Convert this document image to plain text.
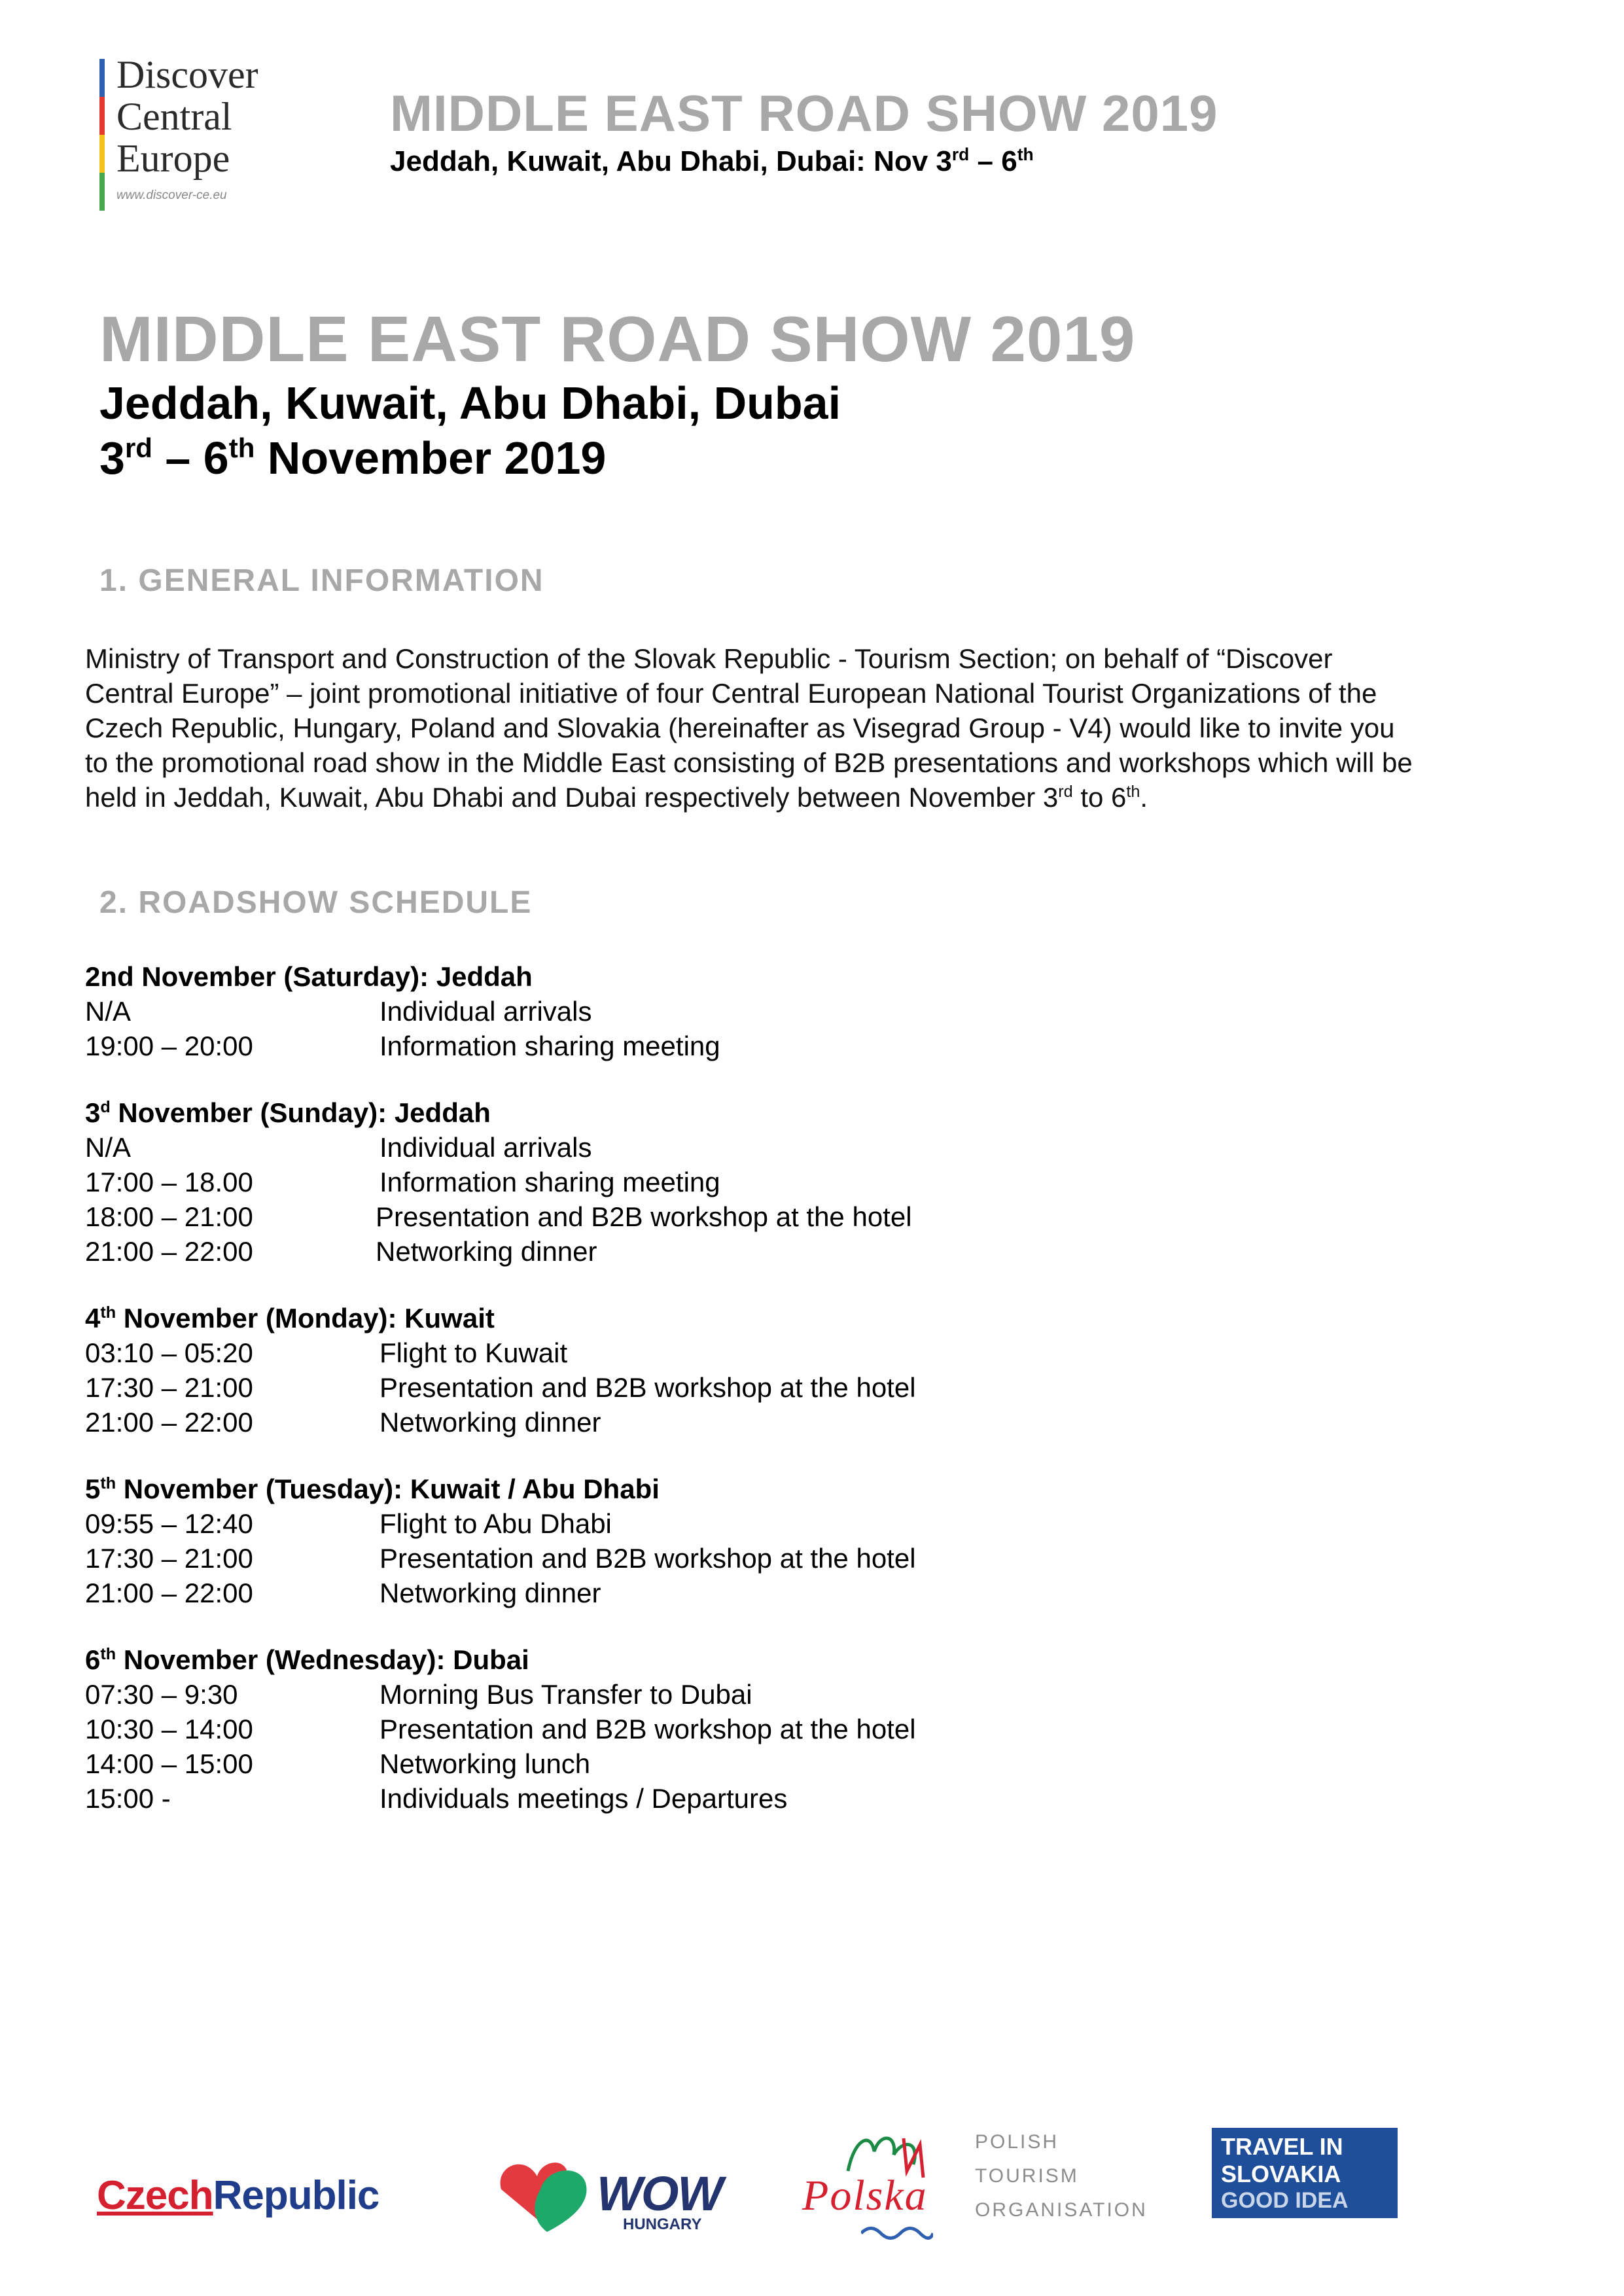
Discover
Central
Europe
www.discover-ce.eu
MIDDLE EAST ROAD SHOW 2019
Jeddah, Kuwait, Abu Dhabi, Dubai: Nov 3rd – 6th
MIDDLE EAST ROAD SHOW 2019
Jeddah, Kuwait, Abu Dhabi, Dubai
3rd – 6th November 2019
1. GENERAL INFORMATION
Ministry of Transport and Construction of the Slovak Republic - Tourism Section; on behalf of “Discover
Central Europe” – joint promotional initiative of four Central European National Tourist Organizations of the
Czech Republic, Hungary, Poland and Slovakia (hereinafter as Visegrad Group - V4) would like to invite you
to the promotional road show in the Middle East consisting of B2B presentations and workshops which will be
held in Jeddah, Kuwait, Abu Dhabi and Dubai respectively between November 3rd to 6th.
2. ROADSHOW SCHEDULE
2nd November (Saturday): Jeddah
N/A	Individual arrivals
19:00 – 20:00	Information sharing meeting
3$^d$ November (Sunday): Jeddah
N/A	Individual arrivals
17:00 – 18.00	Information sharing meeting
18:00 – 21:00	Presentation and B2B workshop at the hotel
21:00 – 22:00	Networking dinner
4th November (Monday): Kuwait
03:10 – 05:20	Flight to Kuwait
17:30 – 21:00	Presentation and B2B workshop at the hotel
21:00 – 22:00	Networking dinner
5th November (Tuesday): Kuwait / Abu Dhabi
09:55 – 12:40	Flight to Abu Dhabi
17:30 – 21:00	Presentation and B2B workshop at the hotel
21:00 – 22:00	Networking dinner
6th November (Wednesday): Dubai
07:30 – 9:30	Morning Bus Transfer to Dubai
10:30 – 14:00	Presentation and B2B workshop at the hotel
14:00 – 15:00	Networking lunch
15:00 -	Individuals meetings / Departures
CzechRepublic	WOW
HUNGARY
Polska
POLISH
TOURISM
ORGANISATION
TRAVEL IN
SLOVAKIA
GOOD IDEA
